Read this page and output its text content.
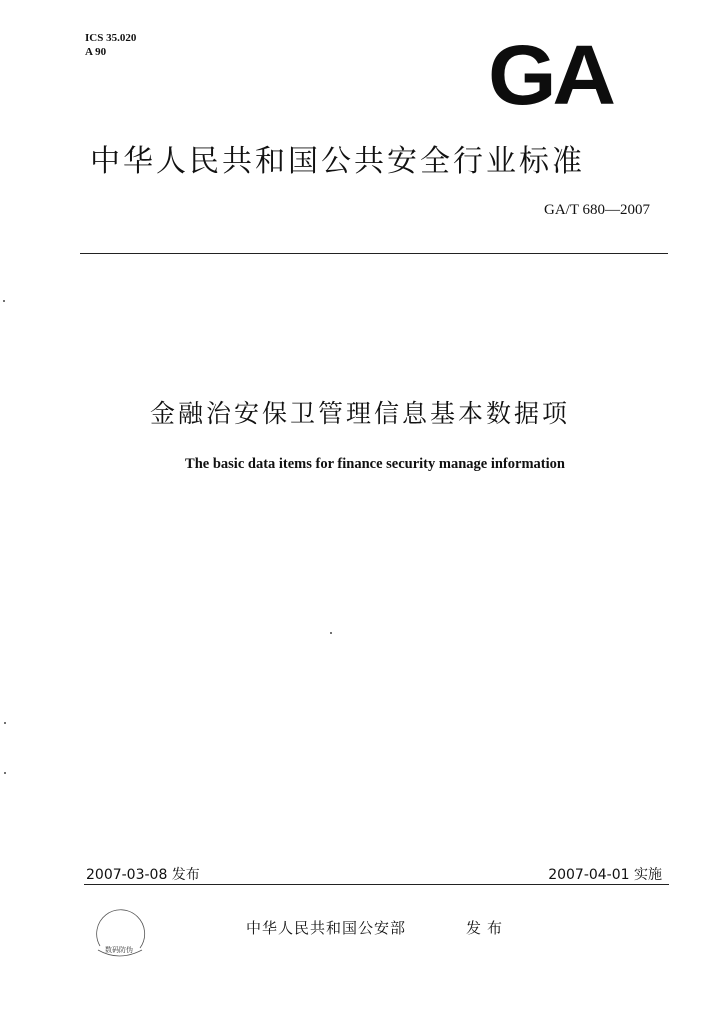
ICS 35.020
A 90	GA
中华人民共和国公共安全行业标准
GA/T 680—2007
金融治安保卫管理信息基本数据项
The basic data items for finance security manage information
2007-03-08 发布	2007-04-01 实施
数码防伪
中华人民共和国公安部	发布
